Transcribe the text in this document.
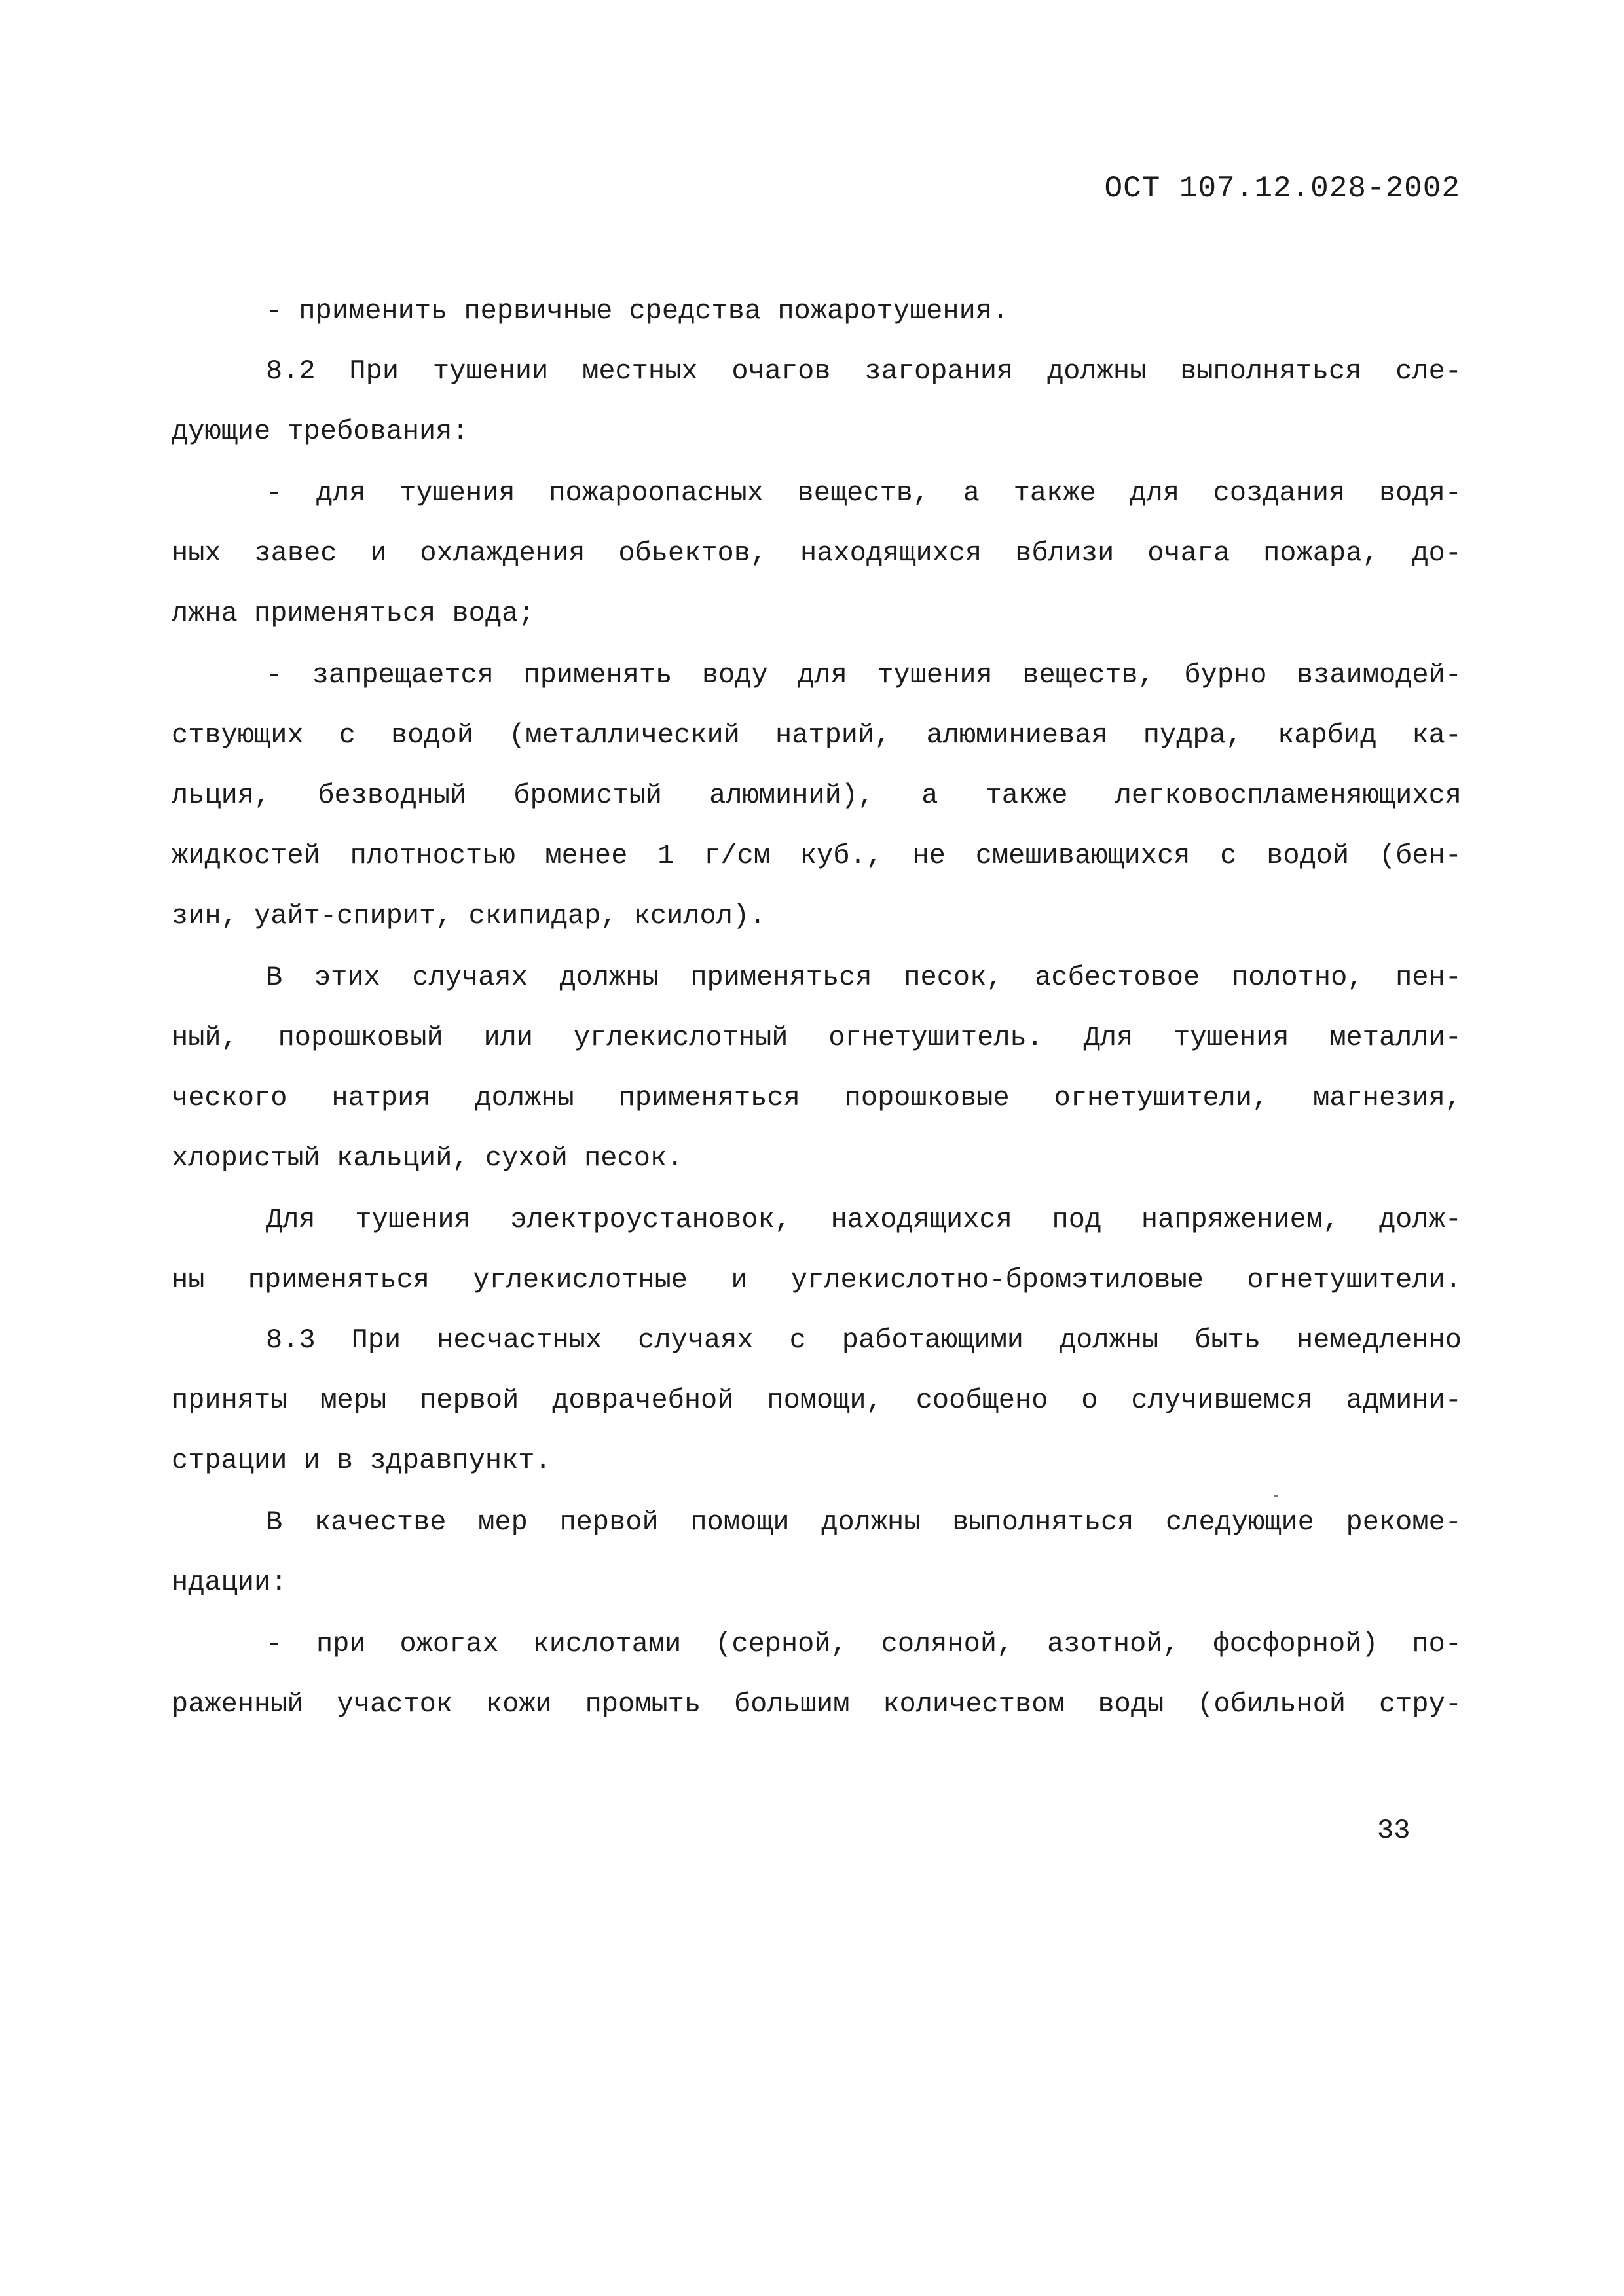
ОСТ 107.12.028-2002
- применить первичные средства пожаротушения.
8.2 При тушении местных очагов загорания должны выполняться сле-
дующие требования:
- для тушения пожароопасных веществ, а также для создания водя-
ных завес и охлаждения обьектов, находящихся вблизи очага пожара, до-
лжна применяться вода;
- запрещается применять воду для тушения веществ, бурно взаимодей-
ствующих с водой (металлический натрий, алюминиевая пудра, карбид ка-
льция, безводный бромистый алюминий), а также легковоспламеняющихся
жидкостей плотностью менее 1 г/см куб., не смешивающихся с водой (бен-
зин, уайт-спирит, скипидар, ксилол).
В этих случаях должны применяться песок, асбестовое полотно, пен-
ный, порошковый или углекислотный огнетушитель. Для тушения металли-
ческого натрия должны применяться порошковые огнетушители, магнезия,
хлористый кальций, сухой песок.
Для тушения электроустановок, находящихся под напряжением, долж-
ны применяться углекислотные и углекислотно-бромэтиловые огнетушители.
8.3 При несчастных случаях с работающими должны быть немедленно
приняты меры первой доврачебной помощи, сообщено о случившемся админи-
страции и в здравпункт.
В качестве мер первой помощи должны выполняться следующие рекоме-
ндации:
- при ожогах кислотами (серной, соляной, азотной, фосфорной) по-
раженный участок кожи промыть большим количеством воды (обильной стру-
33
